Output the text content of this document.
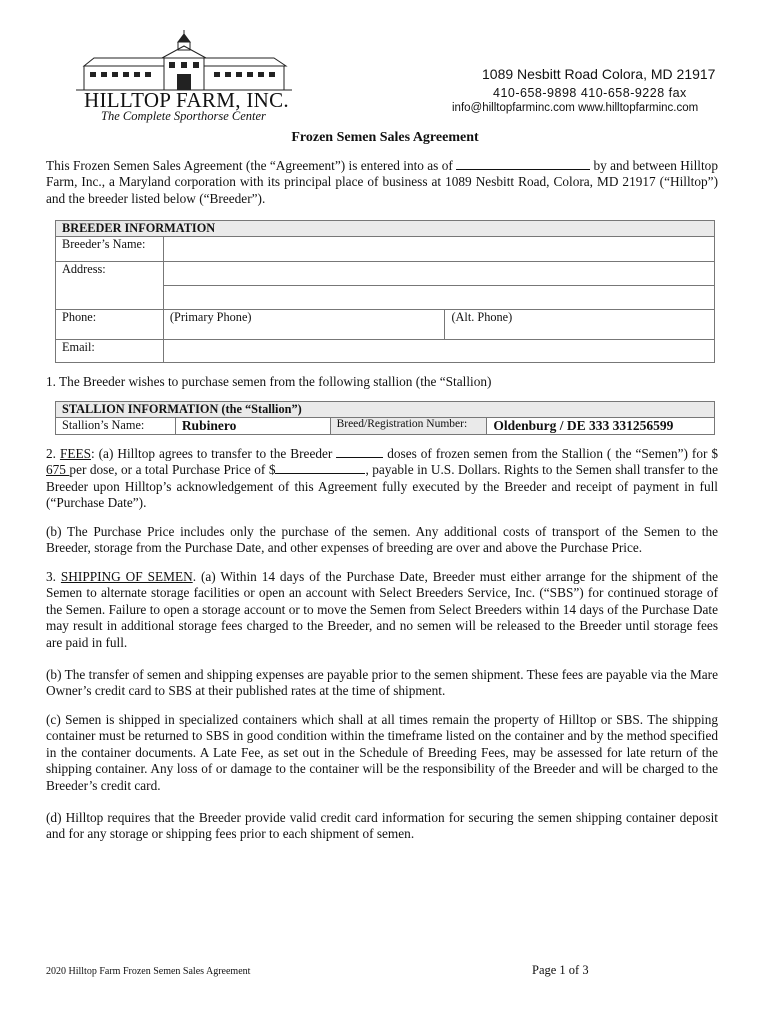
HILLTOP FARM, INC.
The Complete Sporthorse Center
1089 Nesbitt Road Colora, MD 21917
410-658-9898 410-658-9228 fax
info@hilltopfarminc.com www.hilltopfarminc.com
Frozen Semen Sales Agreement
This Frozen Semen Sales Agreement (the “Agreement”) is entered into as of	by and between Hilltop Farm, Inc., a Maryland corporation with its principal place of business at 1089 Nesbitt Road, Colora, MD 21917 (“Hilltop”) and the breeder listed below (“Breeder”).
BREEDER INFORMATION		
Breeder’s Name:		
Address:		

Phone:	(Primary Phone)	(Alt. Phone)
Email:		
1. The Breeder wishes to purchase semen from the following stallion (the “Stallion)
STALLION INFORMATION (the “Stallion”)
Stallion’s Name:	Rubinero	Breed/Registration Number:	Oldenburg / DE 333 331256599
2. FEES: (a) Hilltop agrees to transfer to the Breeder	doses of frozen semen from the Stallion ( the “Semen”) for $ 675 per dose, or a total Purchase Price of $	, payable in U.S. Dollars. Rights to the Semen shall transfer to the Breeder upon Hilltop’s acknowledgement of this Agreement fully executed by the Breeder and receipt of payment in full (“Purchase Date”).
(b) The Purchase Price includes only the purchase of the semen. Any additional costs of transport of the Semen to the Breeder, storage from the Purchase Date, and other expenses of breeding are over and above the Purchase Price.
3. SHIPPING OF SEMEN. (a) Within 14 days of the Purchase Date, Breeder must either arrange for the shipment of the Semen to alternate storage facilities or open an account with Select Breeders Service, Inc. (“SBS”) for continued storage of the Semen. Failure to open a storage account or to move the Semen from Select Breeders within 14 days of the Purchase Date may result in additional storage fees charged to the Breeder, and no semen will be released to the Breeder until storage fees are paid in full.
(b) The transfer of semen and shipping expenses are payable prior to the semen shipment. These fees are payable via the Mare Owner’s credit card to SBS at their published rates at the time of shipment.
(c) Semen is shipped in specialized containers which shall at all times remain the property of Hilltop or SBS. The shipping container must be returned to SBS in good condition within the timeframe listed on the container and by the method specified in the container documents. A Late Fee, as set out in the Schedule of Breeding Fees, may be assessed for late return of the shipping container. Any loss of or damage to the container will be the responsibility of the Breeder and will be charged to the Breeder’s credit card.
(d) Hilltop requires that the Breeder provide valid credit card information for securing the semen shipping container deposit and for any storage or shipping fees prior to each shipment of semen.
2020 Hilltop Farm Frozen Semen Sales Agreement	Page 1 of 3
